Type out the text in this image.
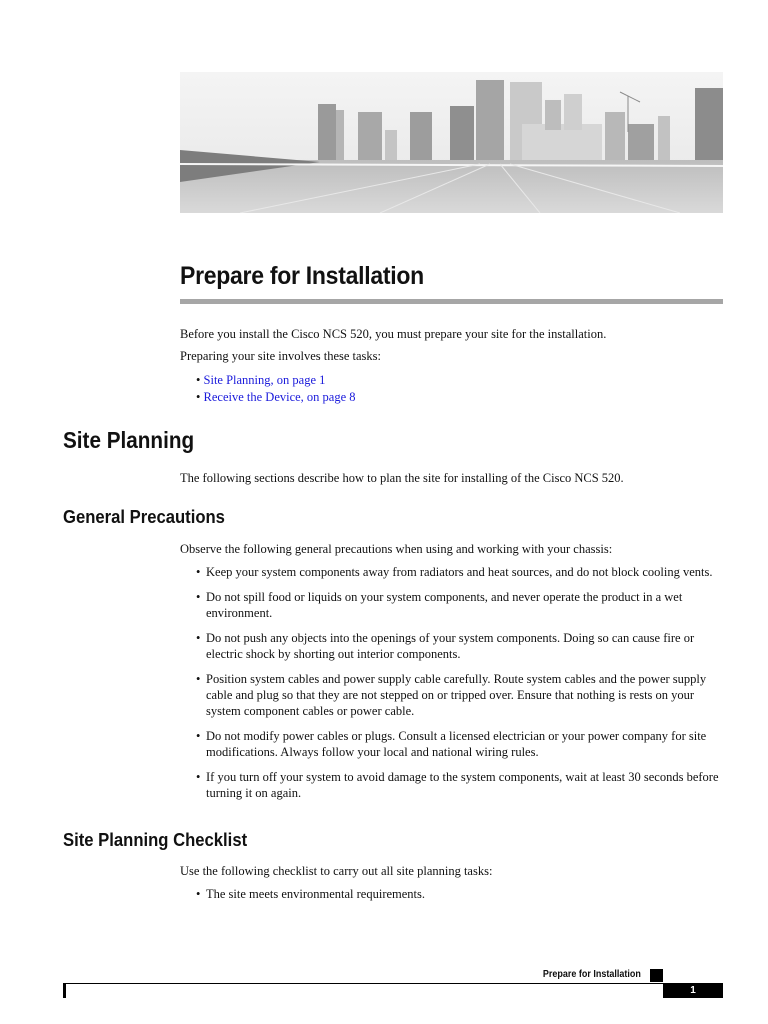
Prepare for Installation

Before you install the Cisco NCS 520, you must prepare your site for the installation.

Preparing your site involves these tasks:

• Site Planning, on page 1
• Receive the Device, on page 8
Site Planning

The following sections describe how to plan the site for installing of the Cisco NCS 520.

General Precautions

Observe the following general precautions when using and working with your chassis:

• Keep your system components away from radiators and heat sources, and do not block cooling vents.
• Do not spill food or liquids on your system components, and never operate the product in a wet environment.
• Do not push any objects into the openings of your system components. Doing so can cause fire or electric shock by shorting out interior components.
• Position system cables and power supply cable carefully. Route system cables and the power supply cable and plug so that they are not stepped on or tripped over. Ensure that nothing is rests on your system component cables or power cable.
• Do not modify power cables or plugs. Consult a licensed electrician or your power company for site modifications. Always follow your local and national wiring rules.
• If you turn off your system to avoid damage to the system components, wait at least 30 seconds before turning it on again.
Site Planning Checklist

Use the following checklist to carry out all site planning tasks:

• The site meets environmental requirements.
Prepare for Installation
1
